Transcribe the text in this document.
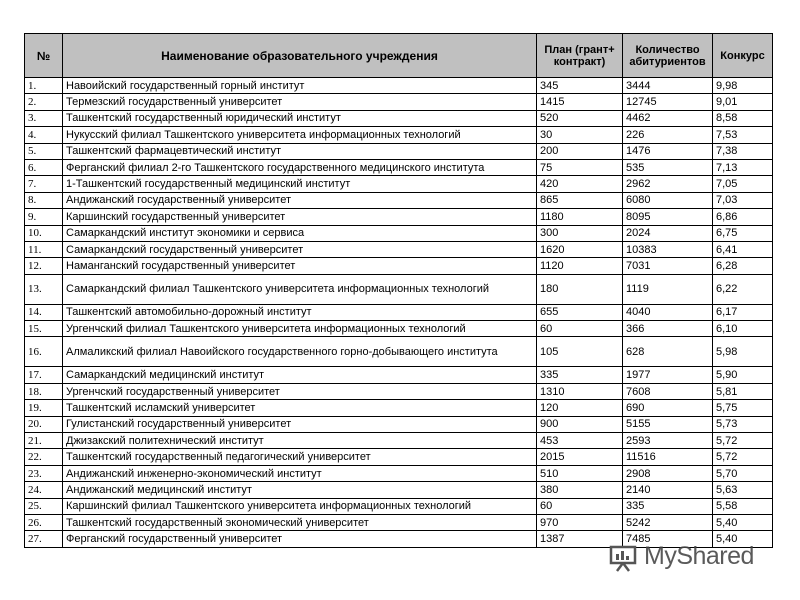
№	Наименование образовательного учреждения	План (грант+ контракт)	Количество абитуриентов	Конкурс
1.	Навоийский государственный горный институт	345	3444	9,98
2.	Термезский государственный университет	1415	12745	9,01
3.	Ташкентский государственный юридический институт	520	4462	8,58
4.	Нукусский филиал Ташкентского университета информационных технологий	30	226	7,53
5.	Ташкентский фармацевтический институт	200	1476	7,38
6.	Ферганский филиал 2-го Ташкентского государственного медицинского института	75	535	7,13
7.	1-Ташкентский государственный медицинский институт	420	2962	7,05
8.	Андижанский государственный университет	865	6080	7,03
9.	Каршинский государственный университет	1180	8095	6,86
10.	Самаркандский институт экономики и сервиса	300	2024	6,75
11.	Самаркандский государственный университет	1620	10383	6,41
12.	Наманганский государственный университет	1120	7031	6,28
13.	Самаркандский филиал Ташкентского университета информационных технологий	180	1119	6,22
14.	Ташкентский автомобильно-дорожный институт	655	4040	6,17
15.	Ургенчский филиал Ташкентского университета информационных технологий	60	366	6,10
16.	Алмаликский филиал Навоийского государственного горно-добывающего института	105	628	5,98
17.	Самаркандский медицинский институт	335	1977	5,90
18.	Ургенчский государственный университет	1310	7608	5,81
19.	Ташкентский исламский университет	120	690	5,75
20.	Гулистанский государственный университет	900	5155	5,73
21.	Джизакский политехнический институт	453	2593	5,72
22.	Ташкентский государственный педагогический университет	2015	11516	5,72
23.	Андижанский инженерно-экономический институт	510	2908	5,70
24.	Андижанский медицинский институт	380	2140	5,63
25.	Каршинский филиал Ташкентского университета информационных технологий	60	335	5,58
26.	Ташкентский государственный экономический университет	970	5242	5,40
27.	Ферганский государственный университет	1387	7485	5,40
MyShared
